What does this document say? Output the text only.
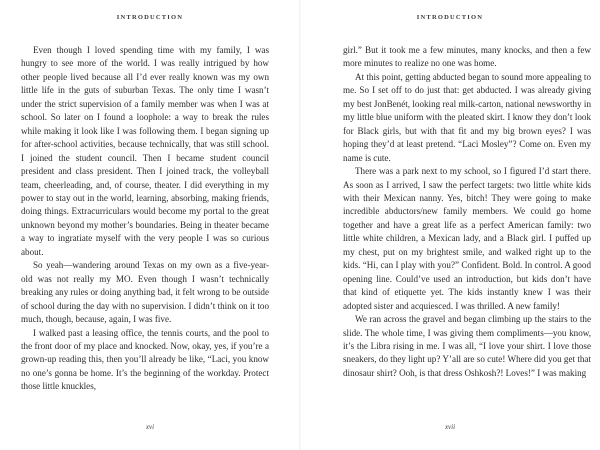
INTRODUCTION

Even though I loved spending time with my family, I was hungry to see more of the world. I was really intrigued by how other people lived because all I’d ever really known was my own little life in the guts of suburban Texas. The only time I wasn’t under the strict supervision of a family member was when I was at school. So later on I found a loophole: a way to break the rules while making it look like I was following them. I began signing up for after-school activities, because technically, that was still school. I joined the student council. Then I became student council president and class president. Then I joined track, the volleyball team, cheerleading, and, of course, theater. I did everything in my power to stay out in the world, learning, absorbing, making friends, doing things. Extracurriculars would become my portal to the great unknown beyond my mother’s boundaries. Being in theater became a way to ingratiate myself with the very people I was so curious about.

So yeah—wandering around Texas on my own as a five-year-old was not really my MO. Even though I wasn’t technically breaking any rules or doing anything bad, it felt wrong to be outside of school during the day with no supervision. I didn’t think on it too much, though, because, again, I was five.

I walked past a leasing office, the tennis courts, and the pool to the front door of my place and knocked. Now, okay, yes, if you’re a grown-up reading this, then you’ll already be like, “Laci, you know no one’s gonna be home. It’s the beginning of the workday. Protect those little knuckles,

xvi
INTRODUCTION

girl.” But it took me a few minutes, many knocks, and then a few more minutes to realize no one was home.

At this point, getting abducted began to sound more appealing to me. So I set off to do just that: get abducted. I was already giving my best JonBenét, looking real milk-carton, national newsworthy in my little blue uniform with the pleated skirt. I know they don’t look for Black girls, but with that fit and my big brown eyes? I was hoping they’d at least pretend. “Laci Mosley”? Come on. Even my name is cute.

There was a park next to my school, so I figured I’d start there. As soon as I arrived, I saw the perfect targets: two little white kids with their Mexican nanny. Yes, bitch! They were going to make incredible abductors/new family members. We could go home together and have a great life as a perfect American family: two little white children, a Mexican lady, and a Black girl. I puffed up my chest, put on my brightest smile, and walked right up to the kids. “Hi, can I play with you?” Confident. Bold. In control. A good opening line. Could’ve used an introduction, but kids don’t have that kind of etiquette yet. The kids instantly knew I was their adopted sister and acquiesced. I was thrilled. A new family!

We ran across the gravel and began climbing up the stairs to the slide. The whole time, I was giving them compliments—you know, it’s the Libra rising in me. I was all, “I love your shirt. I love those sneakers, do they light up? Y’all are so cute! Where did you get that dinosaur shirt? Ooh, is that dress Oshkosh?! Loves!” I was making

xvii
